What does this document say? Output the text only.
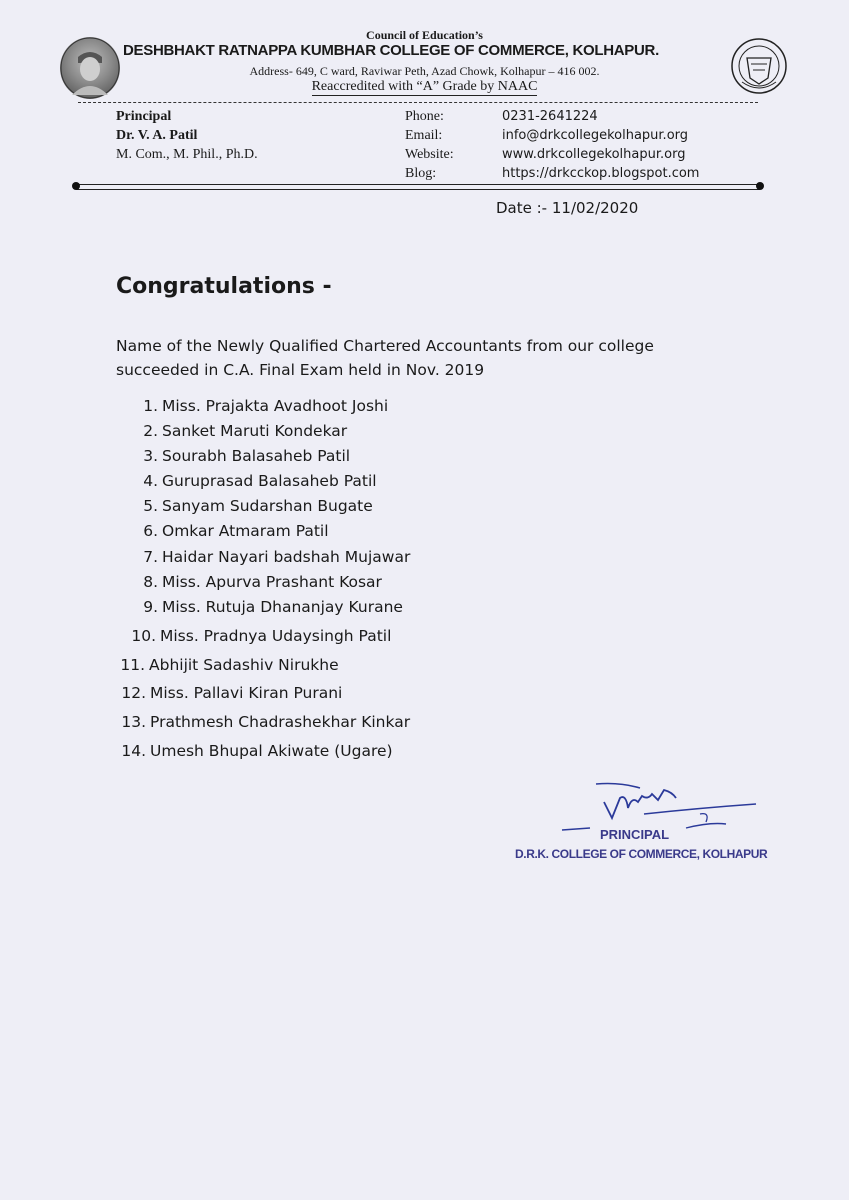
Council of Education’s
DESHBHAKT RATNAPPA KUMBHAR COLLEGE OF COMMERCE, KOLHAPUR.
Address- 649, C ward, Raviwar Peth, Azad Chowk, Kolhapur – 416 002.
Reaccredited with “A” Grade by NAAC
Principal
Dr. V. A. Patil
M. Com., M. Phil., Ph.D.
Phone:
Email:
Website:
Blog:
0231-2641224
info@drkcollegekolhapur.org
www.drkcollegekolhapur.org
https://drkcckop.blogspot.com
Date :- 11/02/2020
Congratulations -
Name of the Newly Qualified Chartered Accountants from our college
succeeded in C.A. Final Exam held in Nov. 2019
1. Miss. Prajakta Avadhoot Joshi
2. Sanket Maruti Kondekar
3. Sourabh Balasaheb Patil
4. Guruprasad Balasaheb Patil
5. Sanyam Sudarshan Bugate
6. Omkar Atmaram Patil
7. Haidar Nayari badshah Mujawar
8. Miss. Apurva Prashant Kosar
9. Miss. Rutuja Dhananjay Kurane
10. Miss. Pradnya Udaysingh Patil
11. Abhijit Sadashiv Nirukhe
12. Miss. Pallavi Kiran Purani
13. Prathmesh Chadrashekhar Kinkar
14. Umesh Bhupal Akiwate (Ugare)
PRINCIPAL
D.R.K. COLLEGE OF COMMERCE, KOLHAPUR
